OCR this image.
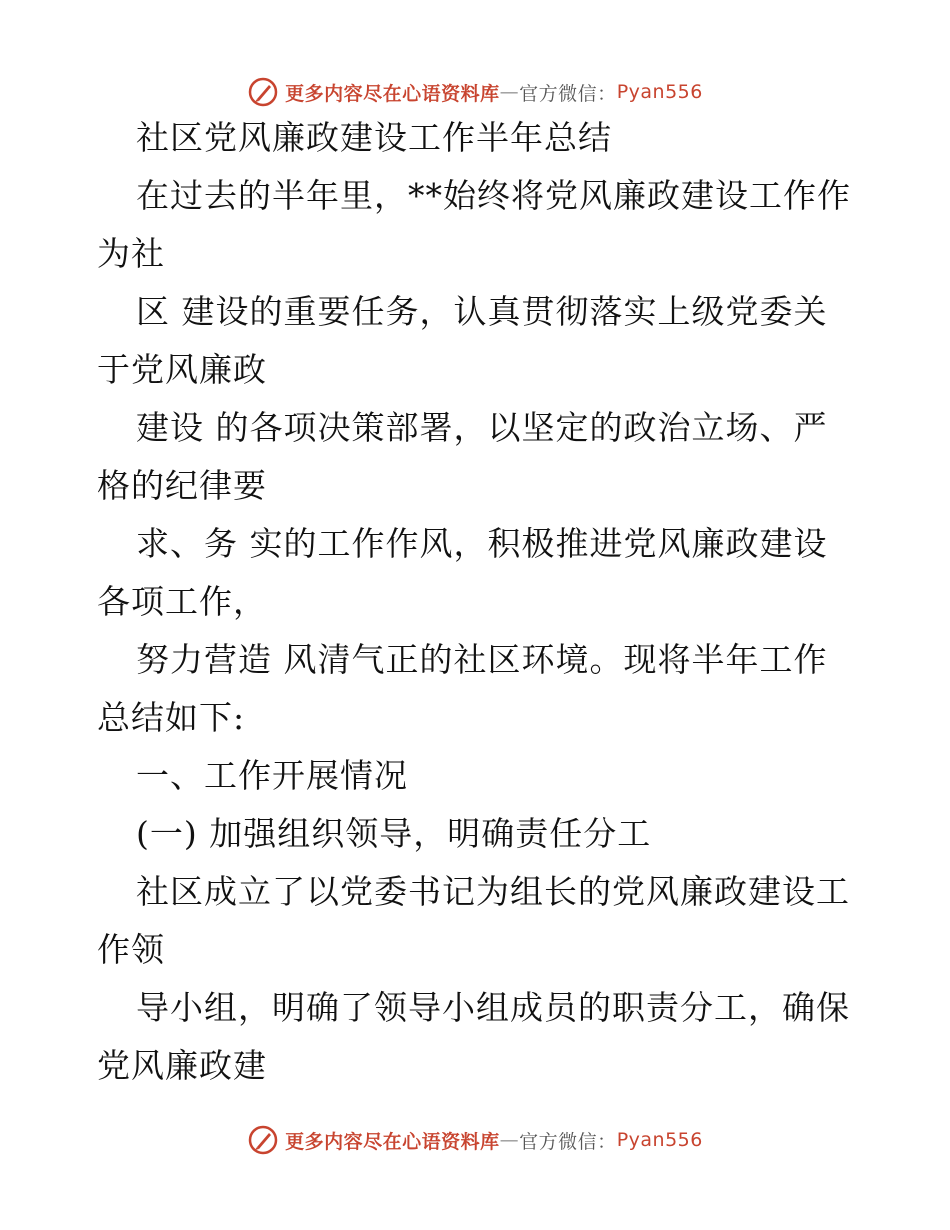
更多内容尽在心语资料库 — 官方微信： Pyan556
社区党风廉政建设工作半年总结
在过去的半年里，**始终将党风廉政建设工作作
为社
区 建设的重要任务，认真贯彻落实上级党委关
于党风廉政
建设 的各项决策部署，以坚定的政治立场、严
格的纪律要
求、务 实的工作作风，积极推进党风廉政建设
各项工作，
努力营造 风清气正的社区环境。现将半年工作
总结如下:
一、工作开展情况
(一) 加强组织领导，明确责任分工
社区成立了以党委书记为组长的党风廉政建设工
作领
导小组，明确了领导小组成员的职责分工，确保
党风廉政建
更多内容尽在心语资料库 — 官方微信： Pyan556
